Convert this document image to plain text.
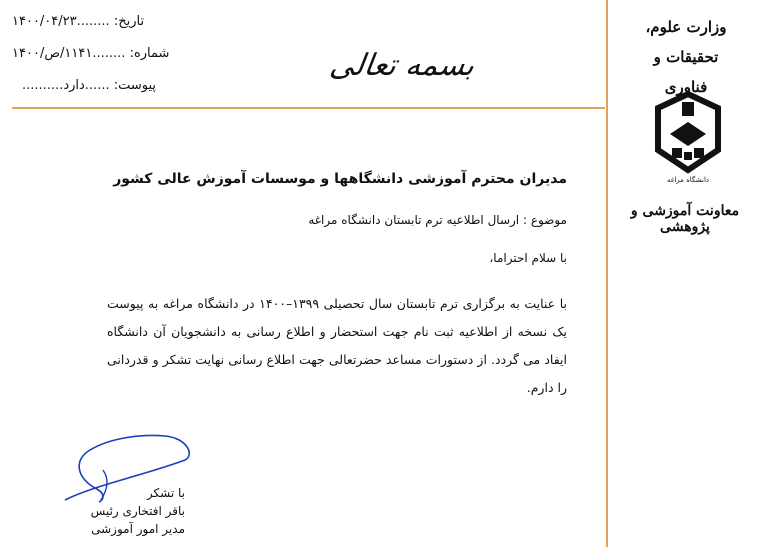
تاریخ: ........۱۴۰۰/۰۴/۲۳
شماره: ........۱۱۴۱/ص/۱۴۰۰
پیوست: ......دارد..........
بسمه تعالی
وزارت علوم، تحقیقات و
فناوری
دانشگاه مراغه
معاونت آموزشی و پژوهشی
مدیران محترم آموزشی دانشگاهها و موسسات آموزش عالی کشور
موضوع : ارسال اطلاعیه ترم تابستان دانشگاه مراغه
با سلام احتراما،
با عنایت به برگزاری ترم تابستان سال تحصیلی ۱۳۹۹–۱۴۰۰ در دانشگاه مراغه به پیوست یک نسخه از اطلاعیه ثبت نام جهت استحضار و اطلاع رسانی به دانشجویان آن دانشگاه ایفاد می گردد. از دستورات مساعد حضرتعالی جهت اطلاع رسانی نهایت تشکر و قدردانی را دارم.
با تشکر
باقر افتخاری رئیس
مدیر امور آموزشی
